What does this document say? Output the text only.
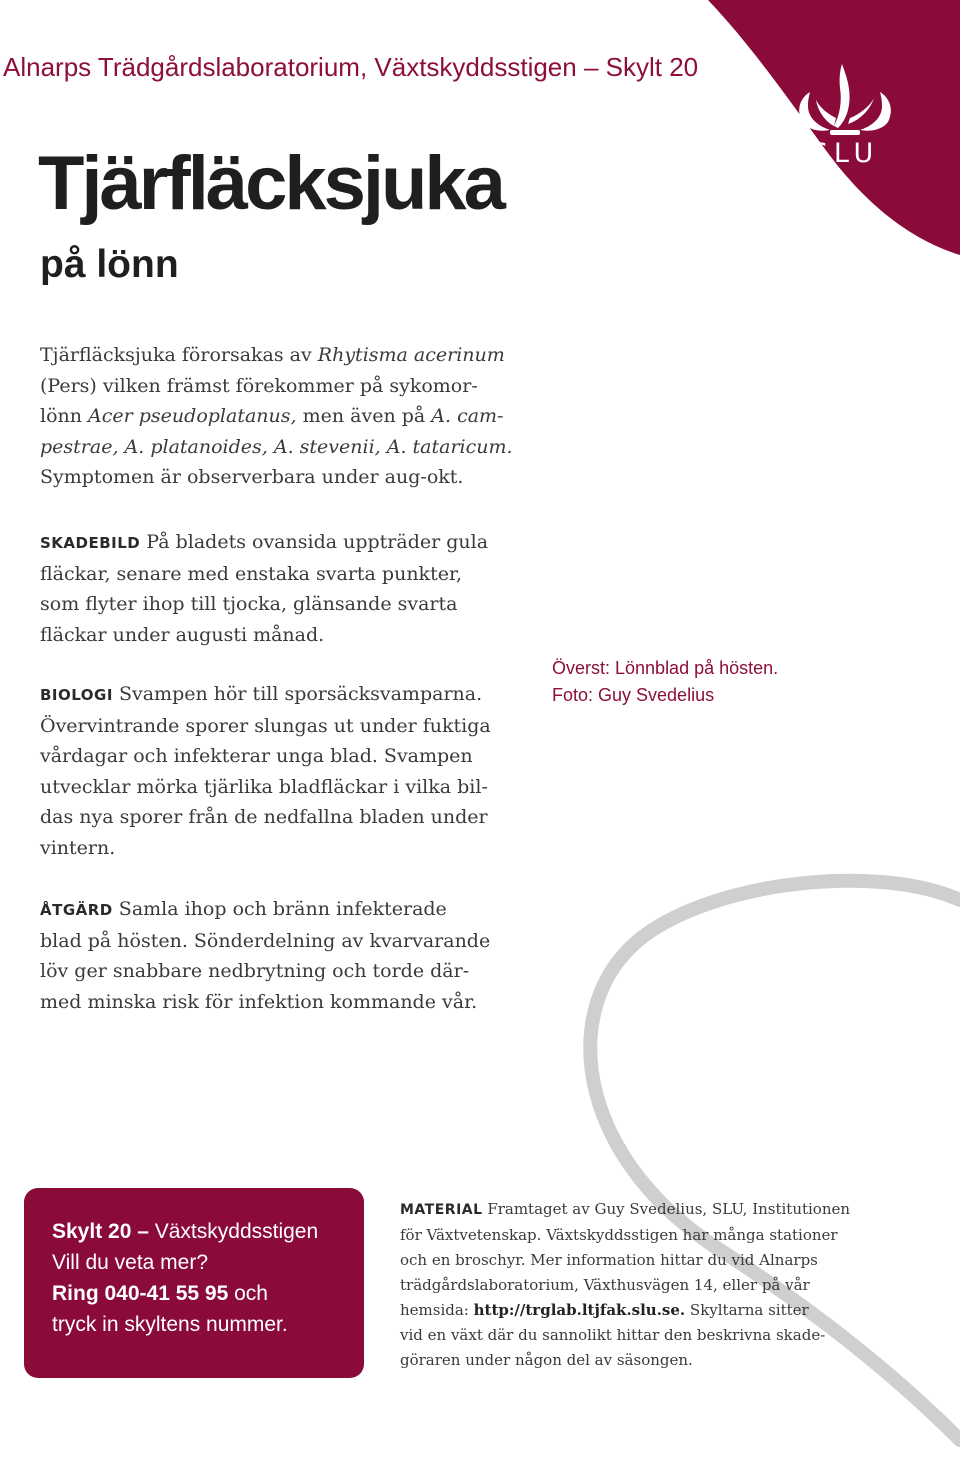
SLU

Alnarps Trädgårdslaboratorium, Växtskyddsstigen – Skylt 20

Tjärfläcksjuka
på lönn
Tjärfläcksjuka förorsakas av Rhytisma acerinum
(Pers) vilken främst förekommer på sykomor-
lönn Acer pseudoplatanus, men även på A. cam-
pestrae, A. platanoides, A. stevenii, A. tataricum.
Symptomen är observerbara under aug-okt.
SKADEBILD På bladets ovansida uppträder gula
fläckar, senare med enstaka svarta punkter,
som flyter ihop till tjocka, glänsande svarta
fläckar under augusti månad.
BIOLOGI Svampen hör till sporsäcksvamparna.
Övervintrande sporer slungas ut under fuktiga
vårdagar och infekterar unga blad. Svampen
utvecklar mörka tjärlika bladfläckar i vilka bil-
das nya sporer från de nedfallna bladen under
vintern.
ÅTGÄRD Samla ihop och bränn infekterade
blad på hösten. Sönderdelning av kvarvarande
löv ger snabbare nedbrytning och torde där-
med minska risk för infektion kommande vår.
Överst: Lönnblad på hösten.
Foto: Guy Svedelius
Skylt 20 – Växtskyddsstigen
Vill du veta mer?
Ring 040-41 55 95 och
tryck in skyltens nummer.
MATERIAL Framtaget av Guy Svedelius, SLU, Institutionen
för Växtvetenskap. Växtskyddsstigen har många stationer
och en broschyr. Mer information hittar du vid Alnarps
trädgårdslaboratorium, Växthusvägen 14, eller på vår
hemsida: http://trglab.ltjfak.slu.se. Skyltarna sitter
vid en växt där du sannolikt hittar den beskrivna skade-
göraren under någon del av säsongen.
